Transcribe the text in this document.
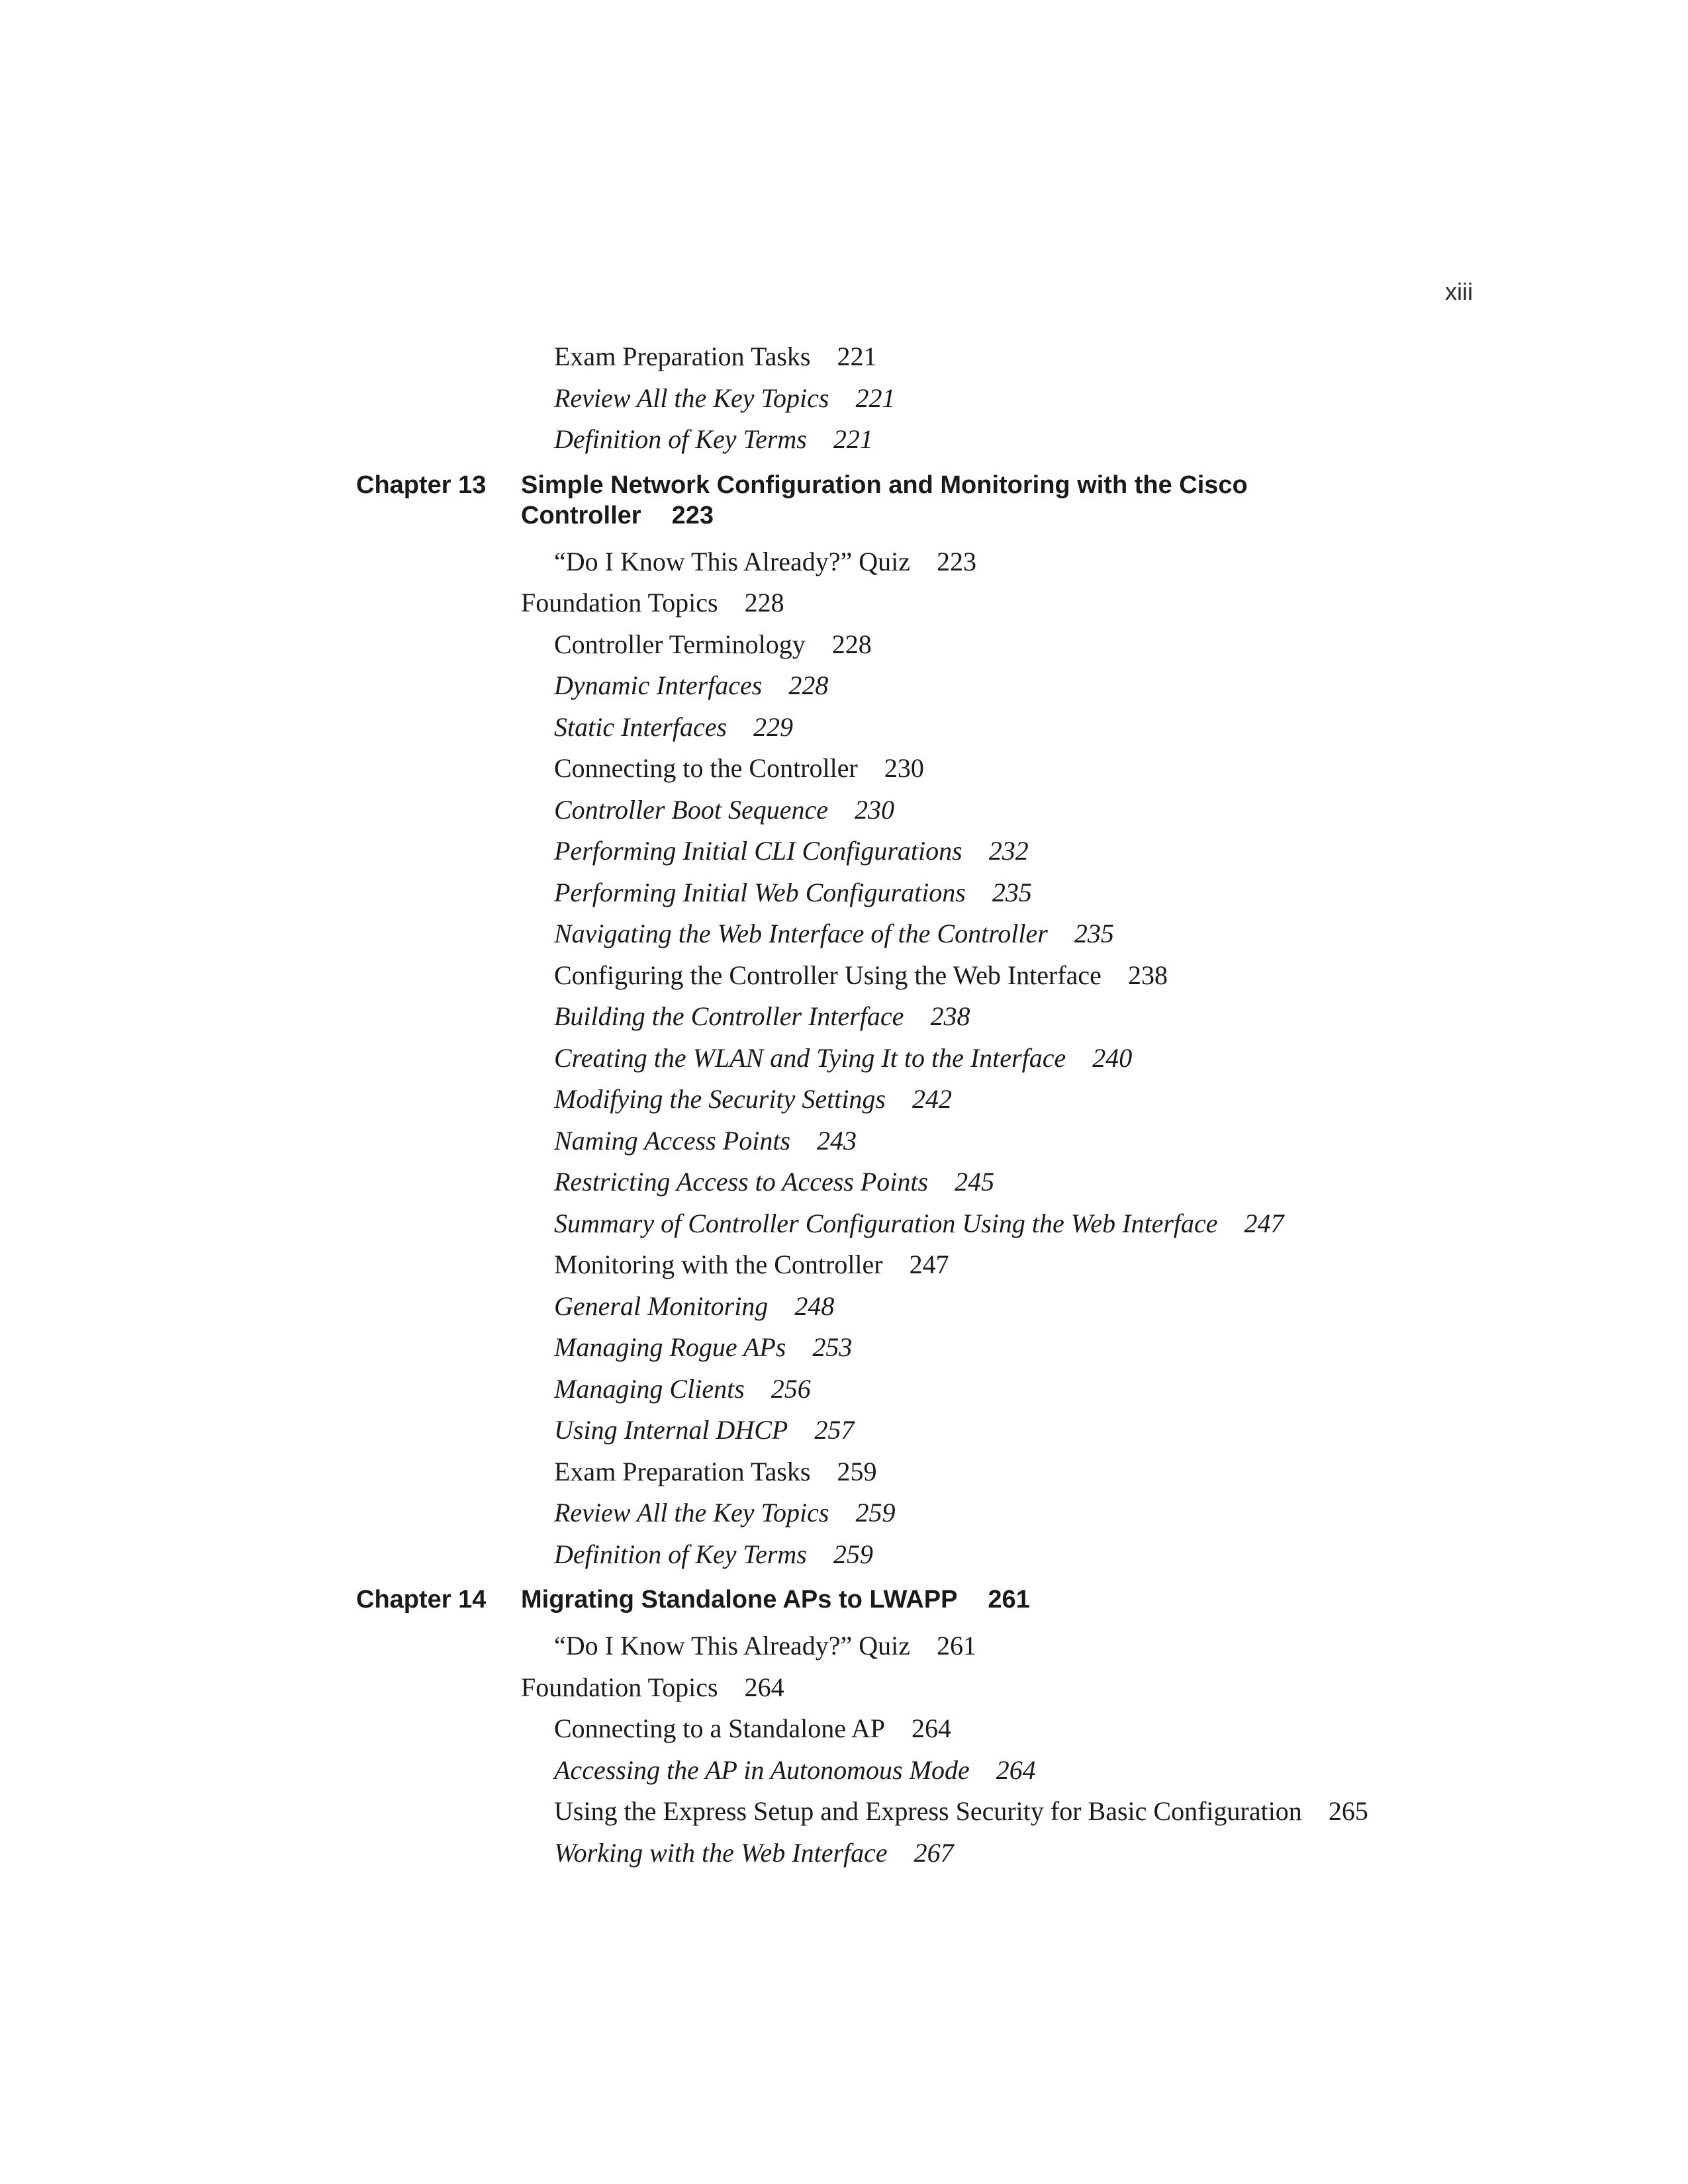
xiii
Exam Preparation Tasks 221
Review All the Key Topics 221
Definition of Key Terms 221
Chapter 13 Simple Network Configuration and Monitoring with the Cisco Controller 223
“Do I Know This Already?” Quiz 223
Foundation Topics 228
Controller Terminology 228
Dynamic Interfaces 228
Static Interfaces 229
Connecting to the Controller 230
Controller Boot Sequence 230
Performing Initial CLI Configurations 232
Performing Initial Web Configurations 235
Navigating the Web Interface of the Controller 235
Configuring the Controller Using the Web Interface 238
Building the Controller Interface 238
Creating the WLAN and Tying It to the Interface 240
Modifying the Security Settings 242
Naming Access Points 243
Restricting Access to Access Points 245
Summary of Controller Configuration Using the Web Interface 247
Monitoring with the Controller 247
General Monitoring 248
Managing Rogue APs 253
Managing Clients 256
Using Internal DHCP 257
Exam Preparation Tasks 259
Review All the Key Topics 259
Definition of Key Terms 259
Chapter 14 Migrating Standalone APs to LWAPP 261
“Do I Know This Already?” Quiz 261
Foundation Topics 264
Connecting to a Standalone AP 264
Accessing the AP in Autonomous Mode 264
Using the Express Setup and Express Security for Basic Configuration 265
Working with the Web Interface 267
